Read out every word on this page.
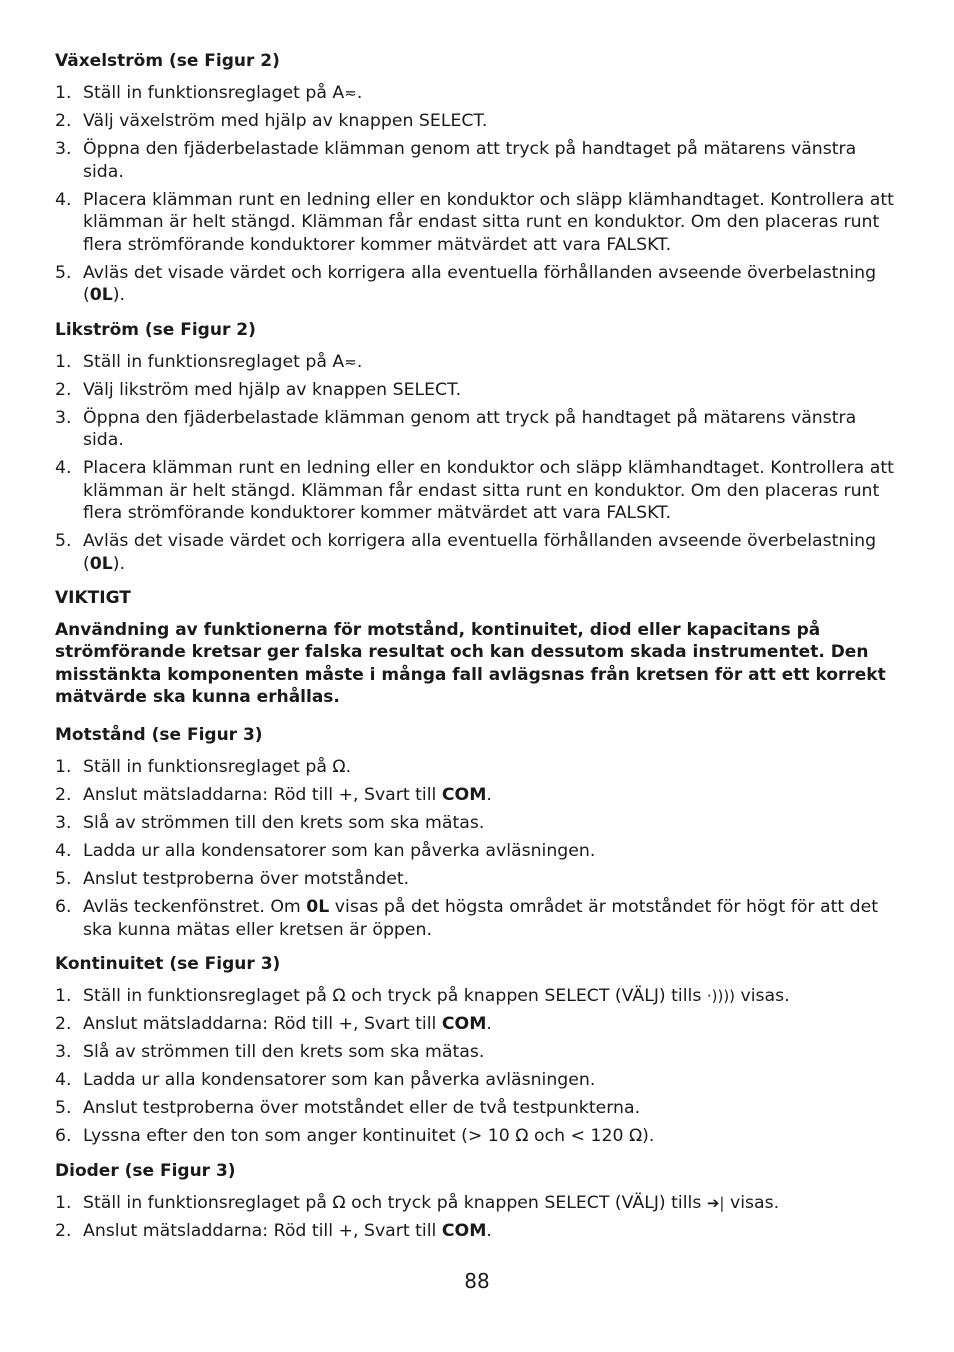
Växelström (se Figur 2)
1. Ställ in funktionsreglaget på A≂.
2. Välj växelström med hjälp av knappen SELECT.
3. Öppna den fjäderbelastade klämman genom att tryck på handtaget på mätarens vänstra sida.
4. Placera klämman runt en ledning eller en konduktor och släpp klämhandtaget. Kontrollera att klämman är helt stängd. Klämman får endast sitta runt en konduktor. Om den placeras runt flera strömförande konduktorer kommer mätvärdet att vara FALSKT.
5. Avläs det visade värdet och korrigera alla eventuella förhållanden avseende överbelastning (0L).
Likström (se Figur 2)
1. Ställ in funktionsreglaget på A≂.
2. Välj likström med hjälp av knappen SELECT.
3. Öppna den fjäderbelastade klämman genom att tryck på handtaget på mätarens vänstra sida.
4. Placera klämman runt en ledning eller en konduktor och släpp klämhandtaget. Kontrollera att klämman är helt stängd. Klämman får endast sitta runt en konduktor. Om den placeras runt flera strömförande konduktorer kommer mätvärdet att vara FALSKT.
5. Avläs det visade värdet och korrigera alla eventuella förhållanden avseende överbelastning (0L).
VIKTIGT
Användning av funktionerna för motstånd, kontinuitet, diod eller kapacitans på strömförande kretsar ger falska resultat och kan dessutom skada instrumentet. Den misstänkta komponenten måste i många fall avlägsnas från kretsen för att ett korrekt mätvärde ska kunna erhållas.
Motstånd (se Figur 3)
1. Ställ in funktionsreglaget på Ω.
2. Anslut mätsladdarna: Röd till +, Svart till COM.
3. Slå av strömmen till den krets som ska mätas.
4. Ladda ur alla kondensatorer som kan påverka avläsningen.
5. Anslut testproberna över motståndet.
6. Avläs teckenfönstret. Om 0L visas på det högsta området är motståndet för högt för att det ska kunna mätas eller kretsen är öppen.
Kontinuitet (se Figur 3)
1. Ställ in funktionsreglaget på Ω och tryck på knappen SELECT (VÄLJ) tills ·)))) visas.
2. Anslut mätsladdarna: Röd till +, Svart till COM.
3. Slå av strömmen till den krets som ska mätas.
4. Ladda ur alla kondensatorer som kan påverka avläsningen.
5. Anslut testproberna över motståndet eller de två testpunkterna.
6. Lyssna efter den ton som anger kontinuitet (> 10 Ω och < 120 Ω).
Dioder (se Figur 3)
1. Ställ in funktionsreglaget på Ω och tryck på knappen SELECT (VÄLJ) tills ➔| visas.
2. Anslut mätsladdarna: Röd till +, Svart till COM.
88
